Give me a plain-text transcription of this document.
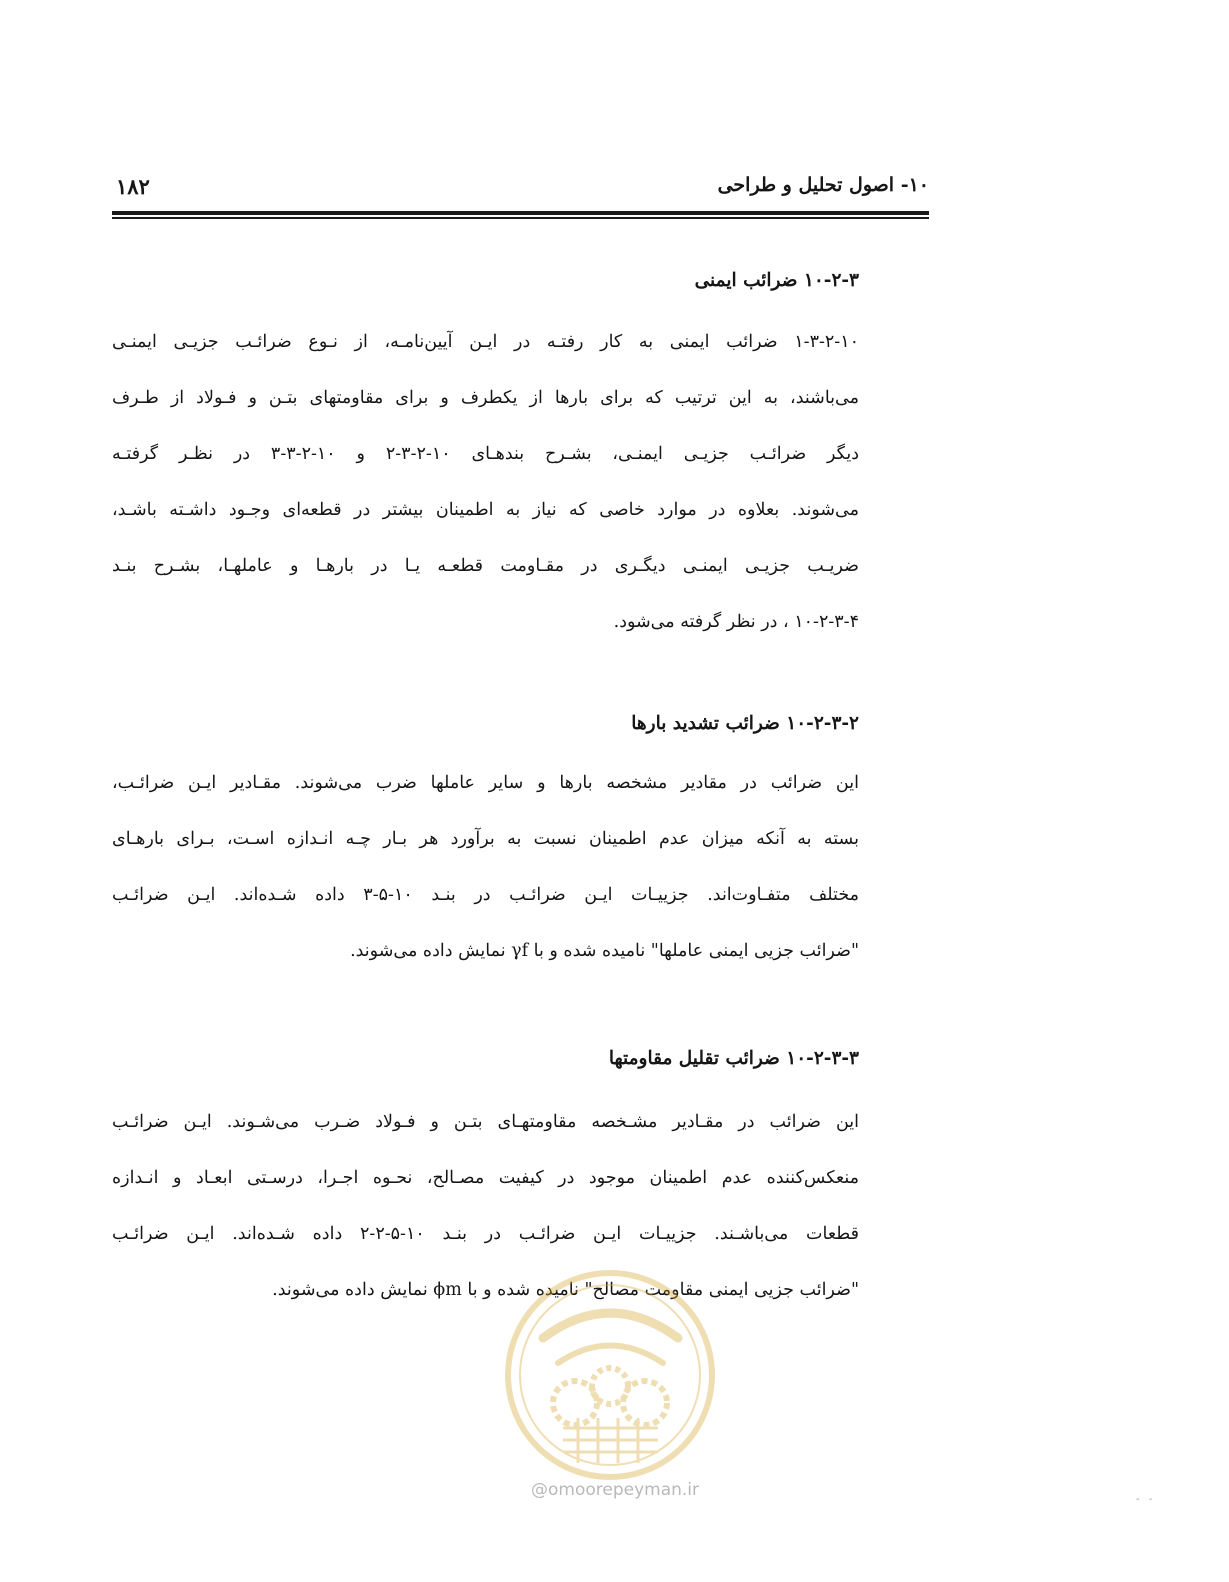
۱۰- اصول تحلیل و طراحی
۱۸۲
۱۰-۲-۳ ضرائب ایمنی
۱-۳-۲-۱۰ ضرائب ایمنی به کار رفتـه در ایـن آیین‌نامـه، از نـوع ضرائـب جزیـی ایمنـی
می‌باشند، به این ترتیب که برای بارها از یکطرف و برای مقاومتهای بتـن و فـولاد از طـرف
دیگر ضرائـب جزیـی ایمنـی، بشـرح بندهـای ۱۰-۲-۳-۲ و ۱۰-۲-۳-۳ در نظـر گرفتـه
می‌شوند. بعلاوه در موارد خاصی که نیاز به اطمینان بیشتر در قطعه‌ای وجـود داشـته باشـد،
ضریـب جزیـی ایمنـی دیگـری در مقـاومت قطعـه یـا در بارهـا و عاملهـا، بشـرح بنـد
۱۰-۲-۳-۴ ، در نظر گرفته می‌شود.
۱۰-۲-۳-۲ ضرائب تشدید بارها
این ضرائب در مقادیر مشخصه بارها و سایر عاملها ضرب می‌شوند. مقـادیر ایـن ضرائـب،
بسته به آنکه میزان عدم اطمینان نسبت به برآورد هر بـار چـه انـدازه اسـت، بـرای بارهـای
مختلف متفـاوت‌اند. جزییـات ایـن ضرائـب در بنـد ۱۰-۵-۳ داده شـده‌اند. ایـن ضرائـب
"ضرائب جزیی ایمنی عاملها" نامیده شده و با γf نمایش داده می‌شوند.
۱۰-۲-۳-۳ ضرائب تقلیل مقاومتها
این ضرائب در مقـادیر مشـخصه مقاومتهـای بتـن و فـولاد ضـرب می‌شـوند. ایـن ضرائـب
منعکس‌کننده عدم اطمینان موجود در کیفیت مصـالح، نحـوه اجـرا، درسـتی ابعـاد و انـدازه
قطعات می‌باشـند. جزییـات ایـن ضرائـب در بنـد ۱۰-۵-۲-۲ داده شـده‌اند. ایـن ضرائـب
"ضرائب جزیی ایمنی مقاومت مصالح" نامیده شده و با ϕm نمایش داده می‌شوند.
@omoorepeyman.ir	- -
